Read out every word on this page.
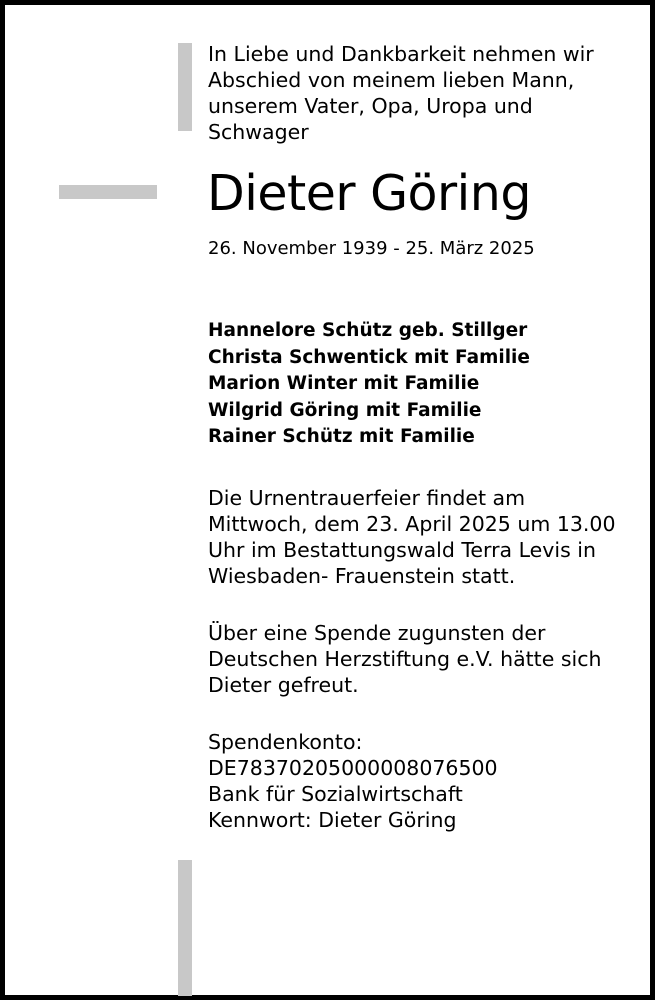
In Liebe und Dankbarkeit nehmen wir
Abschied von meinem lieben Mann,
unserem Vater, Opa, Uropa und
Schwager
Dieter Göring
26. November 1939 - 25. März 2025
Hannelore Schütz geb. Stillger
Christa Schwentick mit Familie
Marion Winter mit Familie
Wilgrid Göring mit Familie
Rainer Schütz mit Familie
Die Urnentrauerfeier findet am
Mittwoch, dem 23. April 2025 um 13.00
Uhr im Bestattungswald Terra Levis in
Wiesbaden- Frauenstein statt.
Über eine Spende zugunsten der
Deutschen Herzstiftung e.V. hätte sich
Dieter gefreut.
Spendenkonto:
DE78370205000008076500
Bank für Sozialwirtschaft
Kennwort: Dieter Göring
